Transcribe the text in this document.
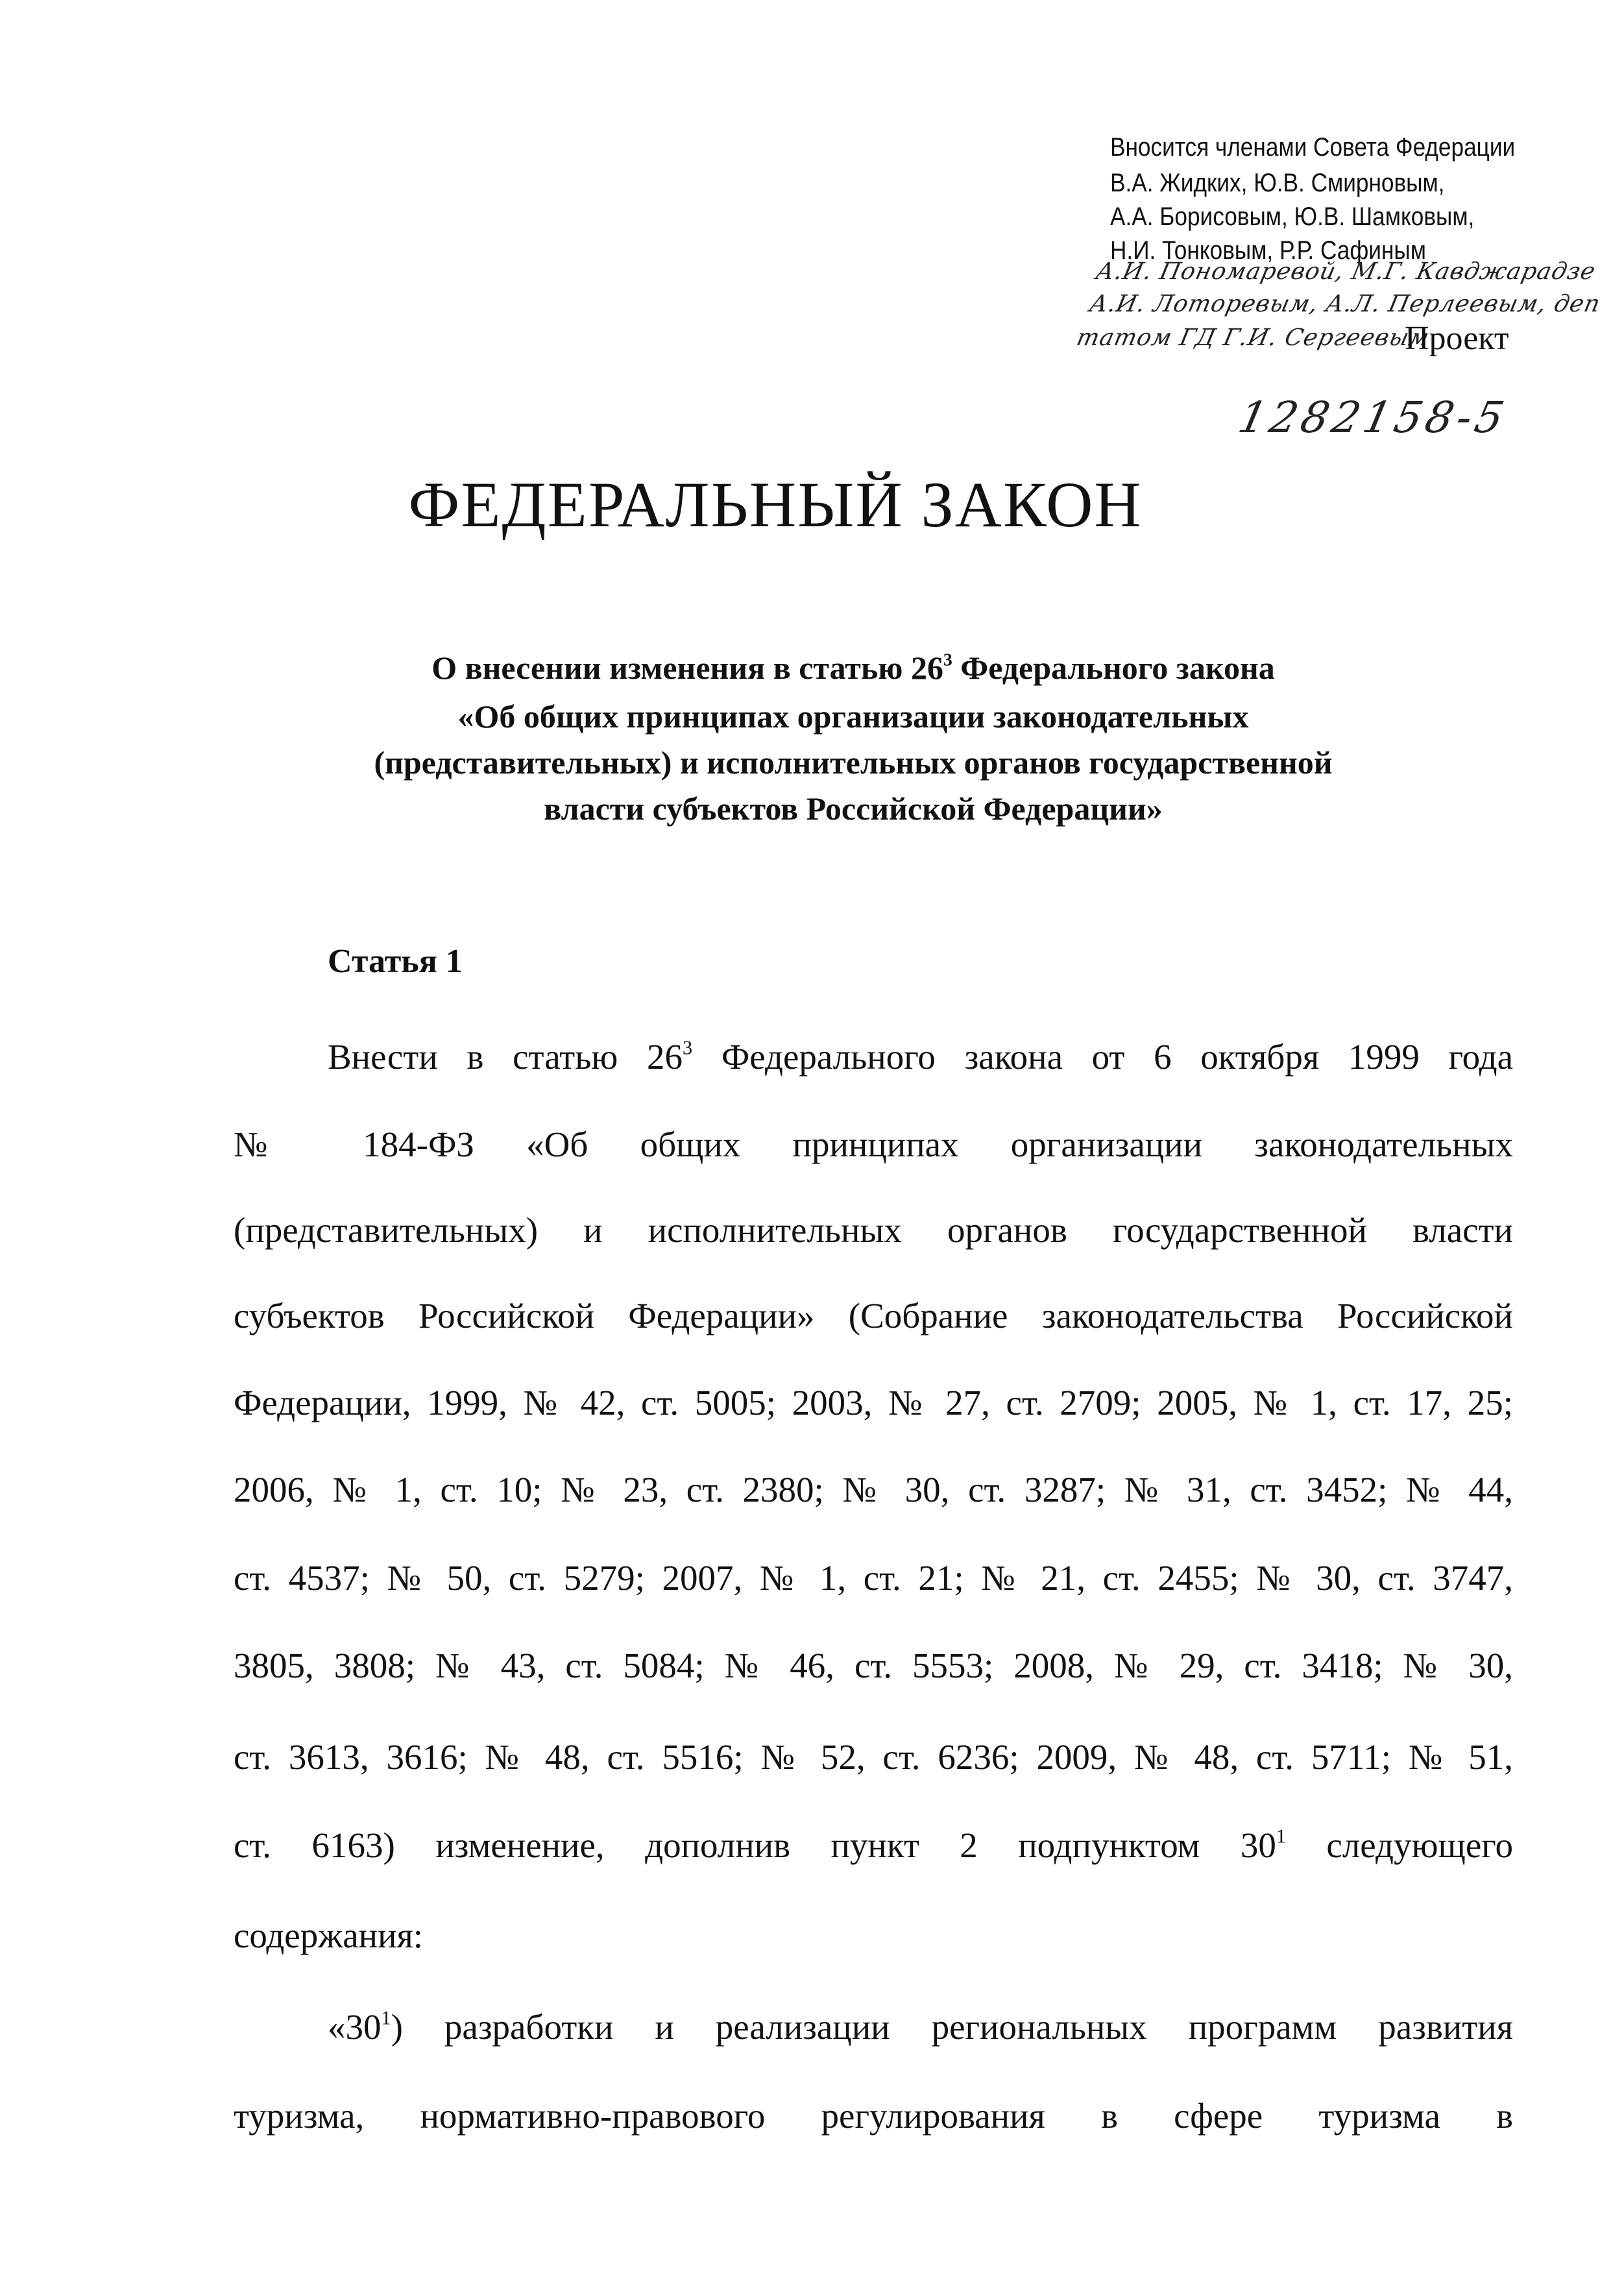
Вносится членами Совета Федерации
В.А. Жидких, Ю.В. Смирновым,
А.А. Борисовым, Ю.В. Шамковым,
Н.И. Тонковым, Р.Р. Сафиным
А.И. Пономаревой, М.Г. Кавджарадзе
А.И. Лоторевым, А.Л. Перлеевым, деп
татом ГД Г.И. Сергеевым
Проект
1282158-5
ФЕДЕРАЛЬНЫЙ ЗАКОН
О внесении изменения в статью $26^3$ Федерального закона
«Об общих принципах организации законодательных
(представительных) и исполнительных органов государственной
власти субъектов Российской Федерации»
Статья 1
Внести в статью $26^3$ Федерального закона от 6 октября 1999 года
№ 184-ФЗ «Об общих принципах организации законодательных
(представительных) и исполнительных органов государственной власти
субъектов Российской Федерации» (Собрание законодательства Российской
Федерации, 1999, № 42, ст. 5005; 2003, № 27, ст. 2709; 2005, № 1, ст. 17, 25;
2006, № 1, ст. 10; № 23, ст. 2380; № 30, ст. 3287; № 31, ст. 3452; № 44,
ст. 4537; № 50, ст. 5279; 2007, № 1, ст. 21; № 21, ст. 2455; № 30, ст. 3747,
3805, 3808; № 43, ст. 5084; № 46, ст. 5553; 2008, № 29, ст. 3418; № 30,
ст. 3613, 3616; № 48, ст. 5516; № 52, ст. 6236; 2009, № 48, ст. 5711; № 51,
ст. 6163) изменение, дополнив пункт 2 подпунктом $30^1$ следующего
содержания:
«$30^1$) разработки и реализации региональных программ развития
туризма, нормативно-правового регулирования в сфере туризма в
